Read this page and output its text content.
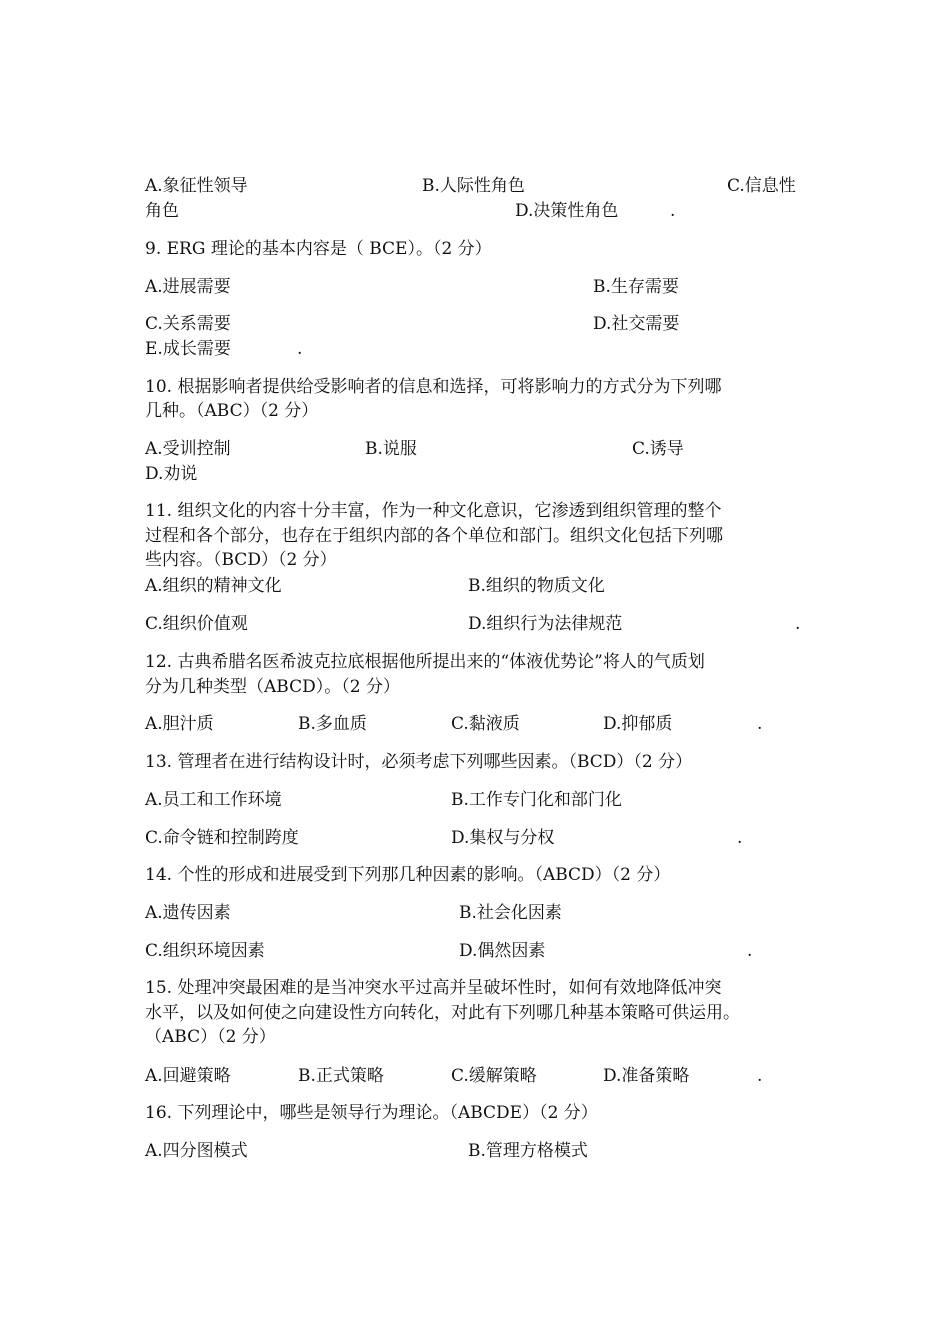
A.象征性领导	B.人际性角色	C.信息性
角色	D.决策性角色	.
9. ERG 理论的基本内容是（ BCE）。（2 分）
A.进展需要	B.生存需要
C.关系需要	D.社交需要
E.成长需要	.
10. 根据影响者提供给受影响者的信息和选择，可将影响力的方式分为下列哪
几种。（ABC）（2 分）
A.受训控制	B.说服	C.诱导
D.劝说
11. 组织文化的内容十分丰富，作为一种文化意识，它渗透到组织管理的整个
过程和各个部分，也存在于组织内部的各个单位和部门。组织文化包括下列哪
些内容。（BCD）（2 分）
A.组织的精神文化	B.组织的物质文化
C.组织价值观	D.组织行为法律规范	.
12. 古典希腊名医希波克拉底根据他所提出来的“体液优势论”将人的气质划
分为几种类型（ABCD）。（2 分）
A.胆汁质	B.多血质	C.黏液质	D.抑郁质	.
13. 管理者在进行结构设计时，必须考虑下列哪些因素。（BCD）（2 分）
A.员工和工作环境	B.工作专门化和部门化
C.命令链和控制跨度	D.集权与分权	.
14. 个性的形成和进展受到下列那几种因素的影响。（ABCD）（2 分）
A.遗传因素	B.社会化因素
C.组织环境因素	D.偶然因素	.
15. 处理冲突最困难的是当冲突水平过高并呈破坏性时，如何有效地降低冲突
水平，以及如何使之向建设性方向转化，对此有下列哪几种基本策略可供运用。
（ABC）（2 分）
A.回避策略	B.正式策略	C.缓解策略	D.准备策略	.
16. 下列理论中，哪些是领导行为理论。（ABCDE）（2 分）
A.四分图模式	B.管理方格模式
